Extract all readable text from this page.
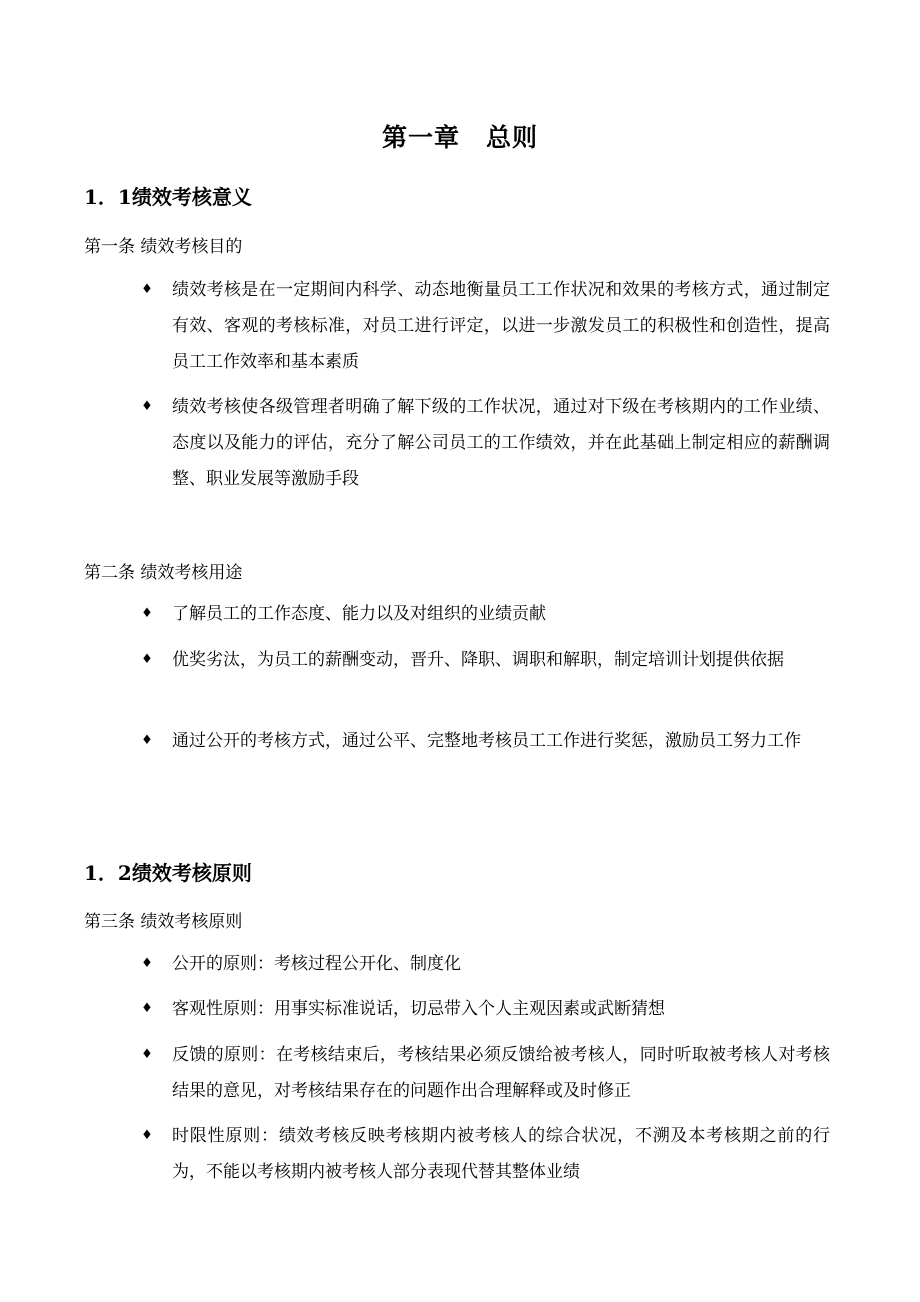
第一章　总则
1．1绩效考核意义
第一条 绩效考核目的
♦ 绩效考核是在一定期间内科学、动态地衡量员工工作状况和效果的考核方式，通过制定有效、客观的考核标准，对员工进行评定，以进一步激发员工的积极性和创造性，提高员工工作效率和基本素质
♦ 绩效考核使各级管理者明确了解下级的工作状况，通过对下级在考核期内的工作业绩、态度以及能力的评估，充分了解公司员工的工作绩效，并在此基础上制定相应的薪酬调整、职业发展等激励手段
第二条 绩效考核用途
♦ 了解员工的工作态度、能力以及对组织的业绩贡献
♦ 优奖劣汰，为员工的薪酬变动，晋升、降职、调职和解职，制定培训计划提供依据
♦ 通过公开的考核方式，通过公平、完整地考核员工工作进行奖惩，激励员工努力工作
1．2绩效考核原则
第三条 绩效考核原则
♦ 公开的原则：考核过程公开化、制度化
♦ 客观性原则：用事实标准说话，切忌带入个人主观因素或武断猜想
♦ 反馈的原则：在考核结束后，考核结果必须反馈给被考核人，同时听取被考核人对考核结果的意见，对考核结果存在的问题作出合理解释或及时修正
♦ 时限性原则：绩效考核反映考核期内被考核人的综合状况，不溯及本考核期之前的行为，不能以考核期内被考核人部分表现代替其整体业绩
